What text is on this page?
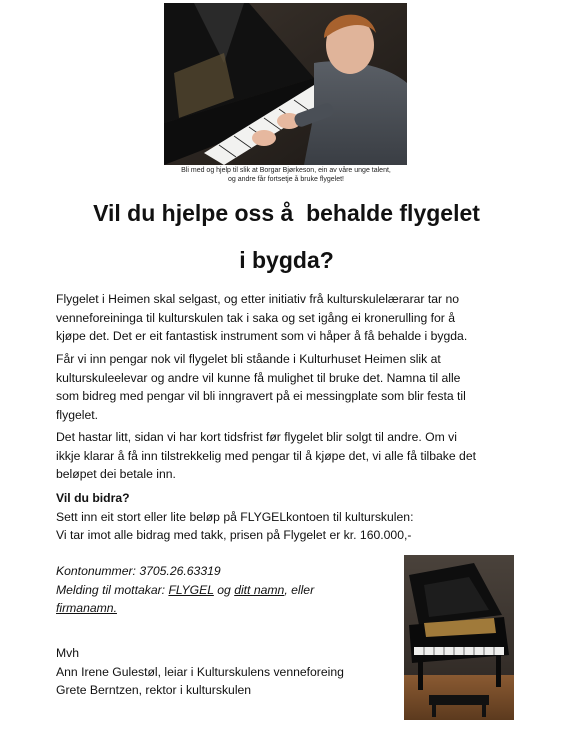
Bli med og hjelp til slik at Borgar Bjørkeson, ein av våre unge talent,
og andre får fortsetje å bruke flygelet!
Vil du hjelpe oss å  behalde flygelet
i bygda?
Flygelet i Heimen skal selgast, og etter initiativ frå kulturskulelærarar tar no
venneforeininga til kulturskulen tak i saka og set igång ei kronerulling for å
kjøpe det. Det er eit fantastisk instrument som vi håper å få behalde i bygda.
Får vi inn pengar nok vil flygelet bli ståande i Kulturhuset Heimen slik at
kulturskuleelevar og andre vil kunne få mulighet til bruke det. Namna til alle
som bidreg med pengar vil bli inngravert på ei messingplate som blir festa til
flygelet.
Det hastar litt, sidan vi har kort tidsfrist før flygelet blir solgt til andre. Om vi
ikkje klarar å få inn tilstrekkelig med pengar til å kjøpe det, vi alle få tilbake det
beløpet dei betale inn.
Vil du bidra?
Sett inn eit stort eller lite beløp på FLYGELkontoen til kulturskulen:
Vi tar imot alle bidrag med takk, prisen på Flygelet er kr. 160.000,-
Kontonummer: 3705.26.63319
Melding til mottakar: FLYGEL og ditt namn, eller
firmanamn.
Mvh
Ann Irene Gulestøl, leiar i Kulturskulens venneforeing
Grete Berntzen, rektor i kulturskulen
